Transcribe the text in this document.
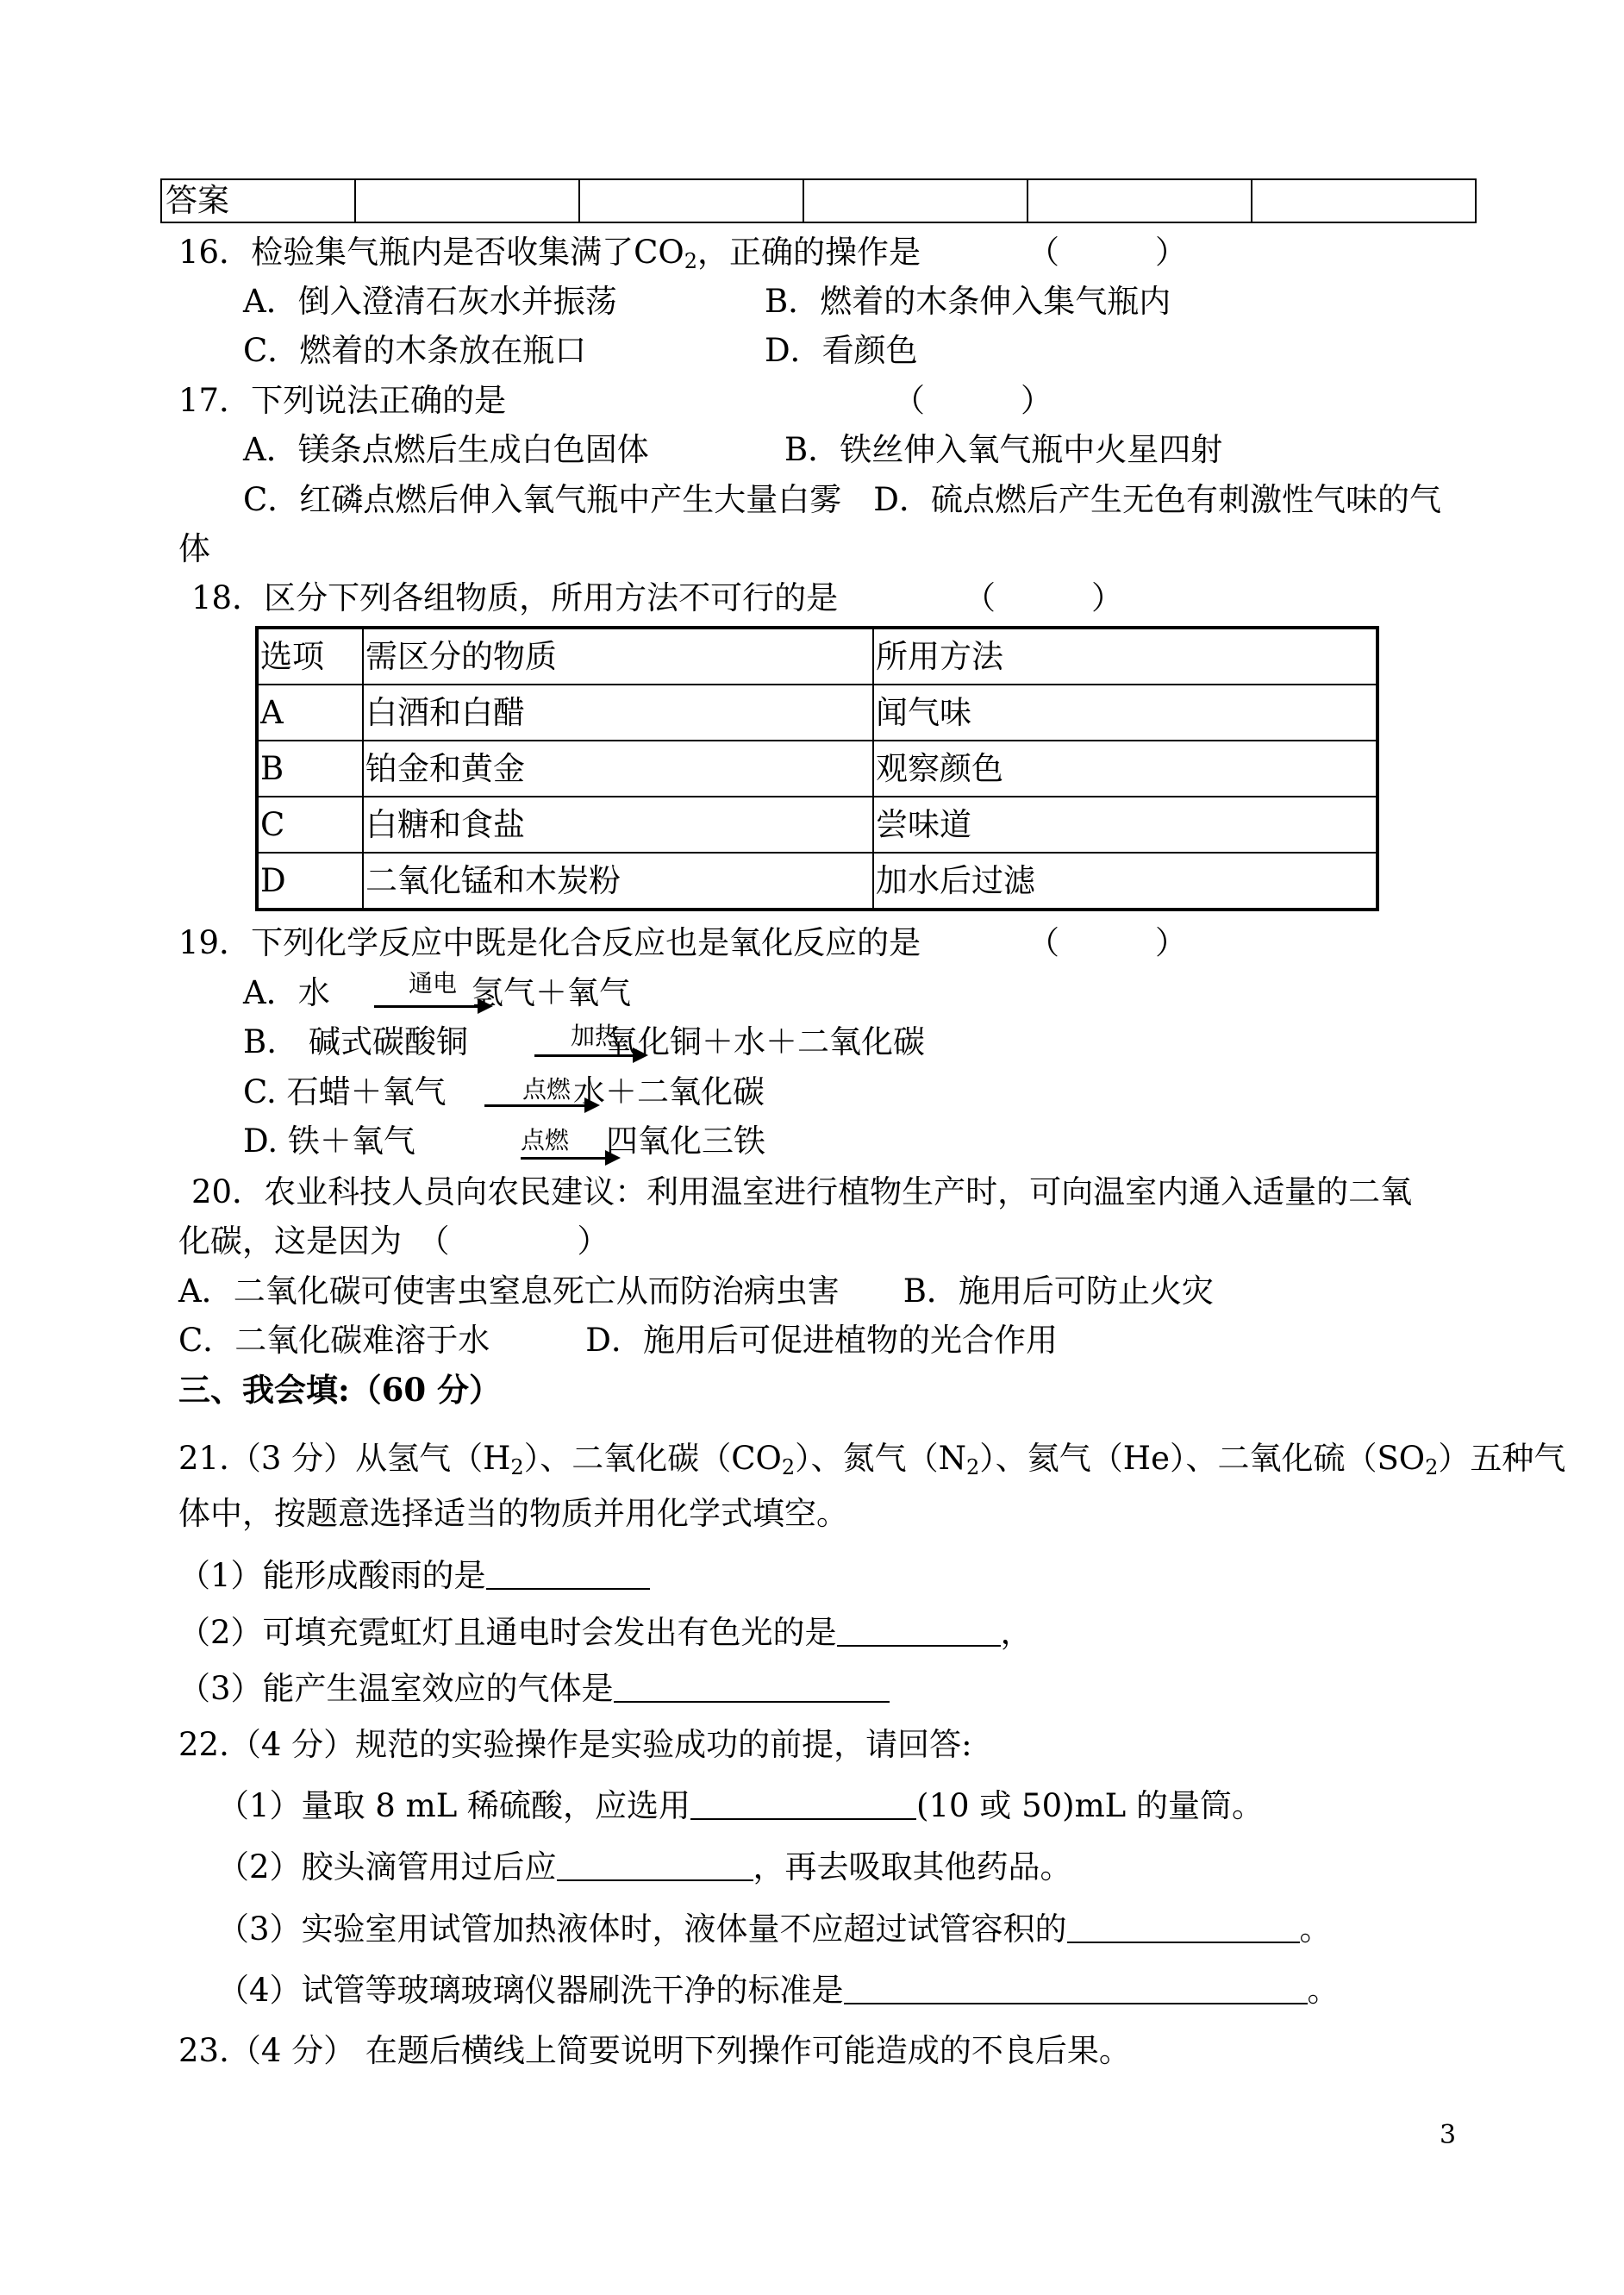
答案					
16．检验集气瓶内是否收集满了$CO_2$，正确的操作是	（　　　）
A．倒入澄清石灰水并振荡	B．燃着的木条伸入集气瓶内
C．燃着的木条放在瓶口	D．看颜色
17．下列说法正确的是	（　　　）
A．镁条点燃后生成白色固体	B．铁丝伸入氧气瓶中火星四射
C．红磷点燃后伸入氧气瓶中产生大量白雾　D．硫点燃后产生无色有刺激性气味的气
体
18．区分下列各组物质，所用方法不可行的是	（　　　）
选项	需区分的物质	所用方法
A	白酒和白醋	闻气味
B	铂金和黄金	观察颜色
C	白糖和食盐	尝味道
D	二氧化锰和木炭粉	加水后过滤
19．下列化学反应中既是化合反应也是氧化反应的是	（　　　）
A．水	通电 氢气＋氧气
B.　碱式碳酸铜	加热
氧化铜＋水＋二氧化碳
C. 石蜡＋氧气	点燃 水＋二氧化碳
D. 铁＋氧气	点燃 四氧化三铁
20．农业科技人员向农民建议：利用温室进行植物生产时，可向温室内通入适量的二氧
化碳，这是因为　（　　　　）
A．二氧化碳可使害虫窒息死亡从而防治病虫害　　B．施用后可防止火灾
C．二氧化碳难溶于水　　　D．施用后可促进植物的光合作用
三、我会填:（60 分）
21.（3 分）从氢气$(H_2)$、二氧化碳$(CO_2)$、氮气$(N_2)$、氦气（He）、二氧化硫$(SO_2)$五种气
体中，按题意选择适当的物质并用化学式填空。
（1）能形成酸雨的是
（2）可填充霓虹灯且通电时会发出有色光的是	，
（3）能产生温室效应的气体是
22.（4 分）规范的实验操作是实验成功的前提，请回答:
（1）量取 8 mL 稀硫酸，应选用	(10 或 50)mL 的量筒。
（2）胶头滴管用过后应	，再去吸取其他药品。
（3）实验室用试管加热液体时，液体量不应超过试管容积的	。
（4）试管等玻璃玻璃仪器刷洗干净的标准是	。
23.（4 分） 在题后横线上简要说明下列操作可能造成的不良后果。
3
